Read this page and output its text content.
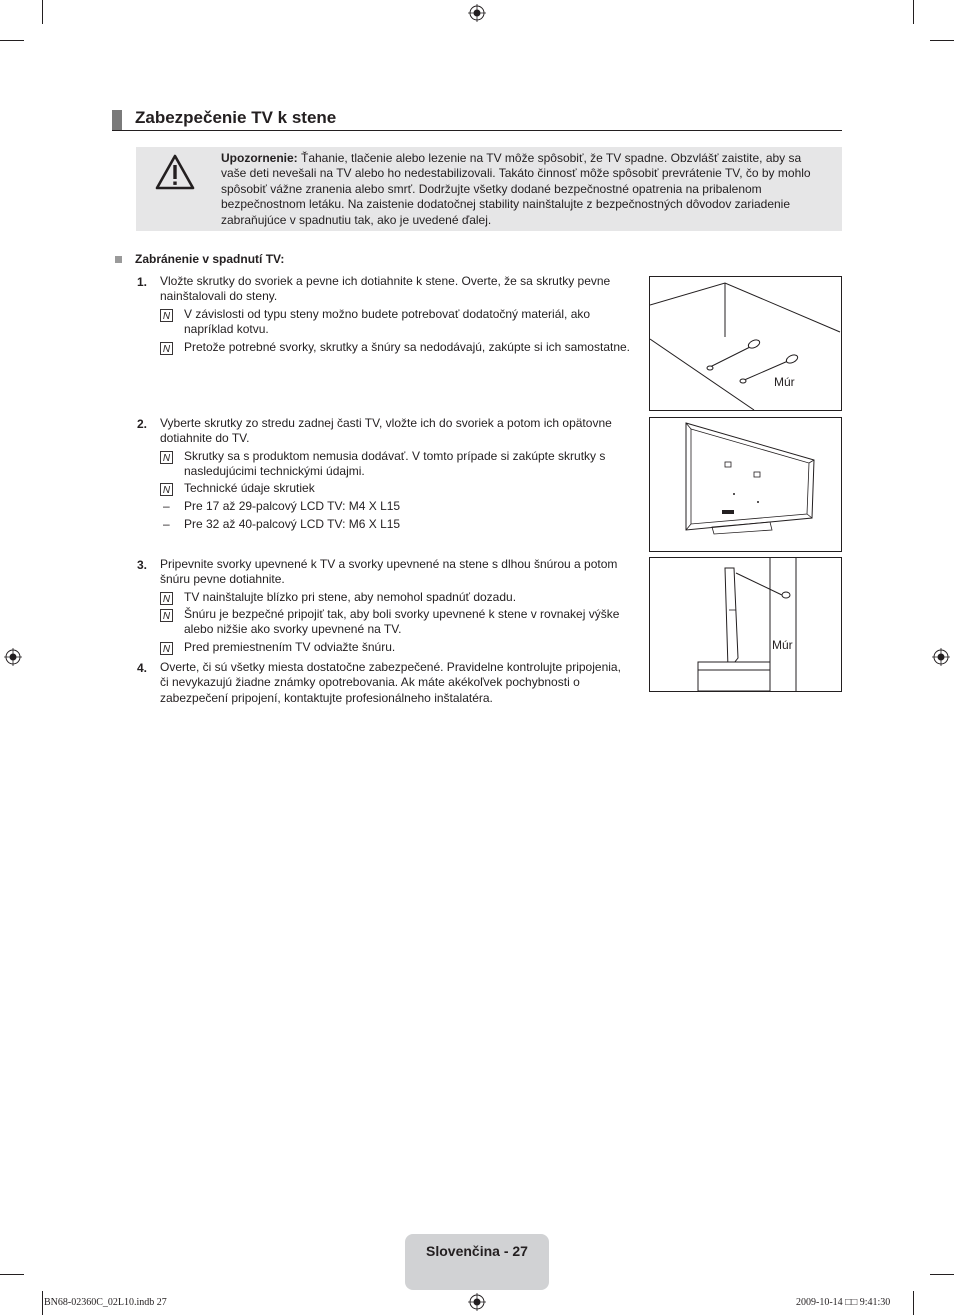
Zabezpečenie TV k stene
Upozornenie: Ťahanie, tlačenie alebo lezenie na TV môže spôsobiť, že TV spadne. Obzvlášť zaistite, aby sa vaše deti nevešali na TV alebo ho nedestabilizovali. Takáto činnosť môže spôsobiť prevrátenie TV, čo by mohlo spôsobiť vážne zranenia alebo smrť. Dodržujte všetky dodané bezpečnostné opatrenia na pribalenom bezpečnostnom letáku. Na zaistenie dodatočnej stability nainštalujte z bezpečnostných dôvodov zariadenie zabraňujúce v spadnutiu tak, ako je uvedené ďalej.
Zabránenie v spadnutí TV:
1. Vložte skrutky do svoriek a pevne ich dotiahnite k stene. Overte, že sa skrutky pevne nainštalovali do steny.
N V závislosti od typu steny možno budete potrebovať dodatočný materiál, ako napríklad kotvu.
N Pretože potrebné svorky, skrutky a šnúry sa nedodávajú, zakúpte si ich samostatne.
2. Vyberte skrutky zo stredu zadnej časti TV, vložte ich do svoriek a potom ich opätovne dotiahnite do TV.
N Skrutky sa s produktom nemusia dodávať. V tomto prípade si zakúpte skrutky s nasledujúcimi technickými údajmi.
N Technické údaje skrutiek
– Pre 17 až 29-palcový LCD TV: M4 X L15
– Pre 32 až 40-palcový LCD TV: M6 X L15
3. Pripevnite svorky upevnené k TV a svorky upevnené na stene s dlhou šnúrou a potom šnúru pevne dotiahnite.
N TV nainštalujte blízko pri stene, aby nemohol spadnúť dozadu.
N Šnúru je bezpečné pripojiť tak, aby boli svorky upevnené k stene v rovnakej výške alebo nižšie ako svorky upevnené na TV.
N Pred premiestnením TV odviažte šnúru.
4. Overte, či sú všetky miesta dostatočne zabezpečené. Pravidelne kontrolujte pripojenia, či nevykazujú žiadne známky opotrebovania. Ak máte akékoľvek pochybnosti o zabezpečení pripojení, kontaktujte profesionálneho inštalatéra.
Múr
Múr
Slovenčina - 27
BN68-02360C_02L10.indb 27	2009-10-14 □□ 9:41:30
